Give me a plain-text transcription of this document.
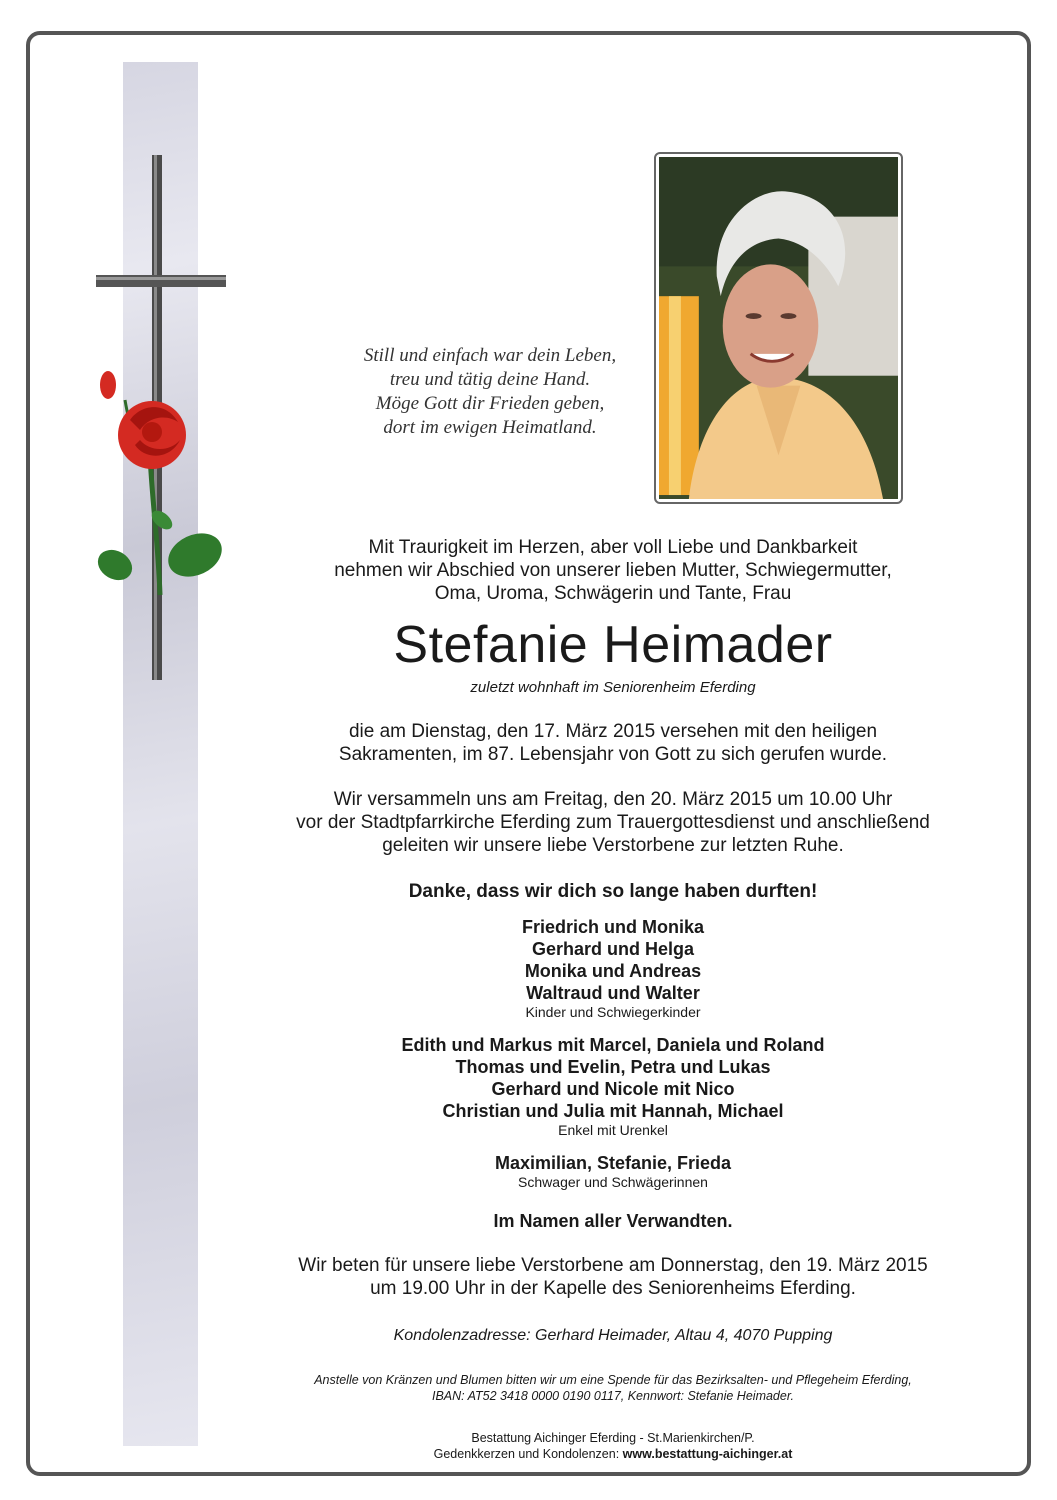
Still und einfach war dein Leben,
treu und tätig deine Hand.
Möge Gott dir Frieden geben,
dort im ewigen Heimatland.
Mit Traurigkeit im Herzen, aber voll Liebe und Dankbarkeit
nehmen wir Abschied von unserer lieben Mutter, Schwiegermutter,
Oma, Uroma, Schwägerin und Tante, Frau
Stefanie Heimader
zuletzt wohnhaft im Seniorenheim Eferding
die am Dienstag, den 17. März 2015 versehen mit den heiligen
Sakramenten, im 87. Lebensjahr von Gott zu sich gerufen wurde.
Wir versammeln uns am Freitag, den 20. März 2015 um 10.00 Uhr
vor der Stadtpfarrkirche Eferding zum Trauergottesdienst und anschließend
geleiten wir unsere liebe Verstorbene zur letzten Ruhe.
Danke, dass wir dich so lange haben durften!
Friedrich und Monika
Gerhard und Helga
Monika und Andreas
Waltraud und Walter
Kinder und Schwiegerkinder
Edith und Markus mit Marcel, Daniela und Roland
Thomas und Evelin, Petra und Lukas
Gerhard und Nicole mit Nico
Christian und Julia mit Hannah, Michael
Enkel mit Urenkel
Maximilian, Stefanie, Frieda
Schwager und Schwägerinnen
Im Namen aller Verwandten.
Wir beten für unsere liebe Verstorbene am Donnerstag, den 19. März 2015
um 19.00 Uhr in der Kapelle des Seniorenheims Eferding.
Kondolenzadresse: Gerhard Heimader, Altau 4, 4070 Pupping
Anstelle von Kränzen und Blumen bitten wir um eine Spende für das Bezirksalten- und Pflegeheim Eferding,
IBAN: AT52 3418 0000 0190 0117, Kennwort: Stefanie Heimader.
Bestattung Aichinger Eferding - St.Marienkirchen/P.
Gedenkkerzen und Kondolenzen: www.bestattung-aichinger.at
